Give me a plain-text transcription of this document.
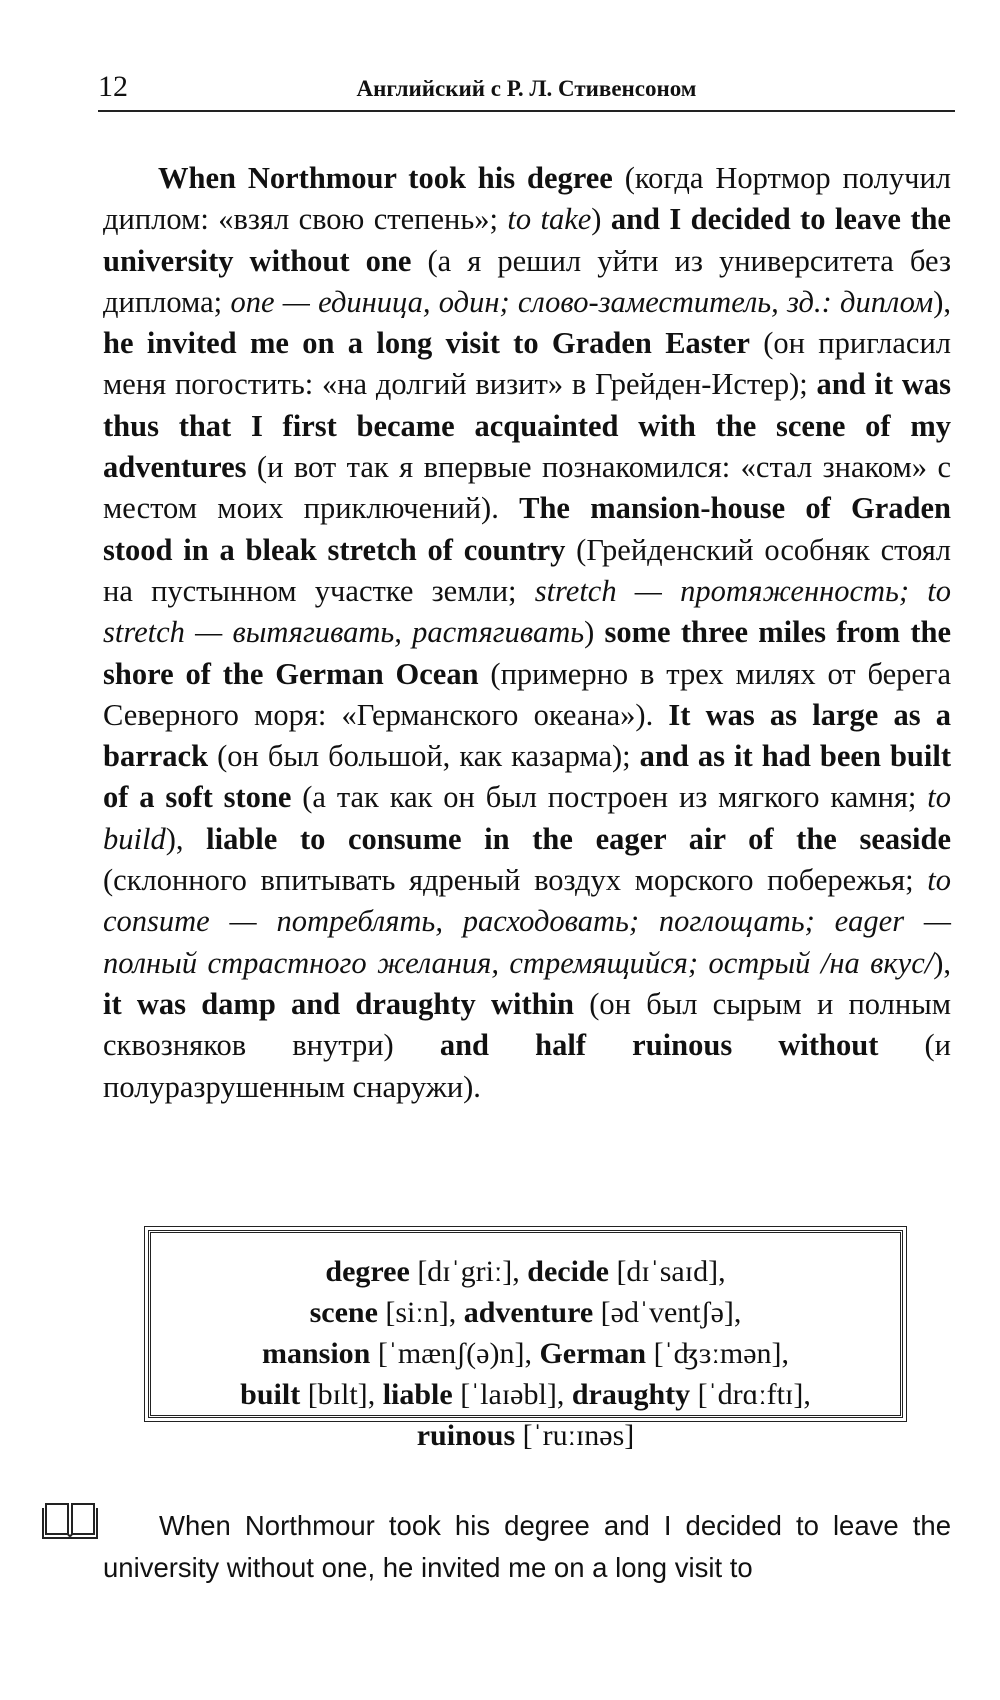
12	Английский с Р. Л. Стивенсоном

When Northmour took his degree (когда Нортмор получил диплом: «взял свою степень»; to take) and I decided to leave the university without one (а я решил уйти из университета без диплома; one — единица, один; слово-заместитель, зд.: диплом), he invited me on a long visit to Graden Easter (он пригласил меня погостить: «на долгий визит» в Грейден-Истер); and it was thus that I first became acquainted with the scene of my adventures (и вот так я впервые познакомился: «стал знаком» с местом моих приключений). The mansion-house of Graden stood in a bleak stretch of country (Грейденский особняк стоял на пустынном участке земли; stretch — протяженность; to stretch — вытягивать, растягивать) some three miles from the shore of the German Ocean (примерно в трех милях от берега Северного моря: «Германского океана»). It was as large as a barrack (он был большой, как казарма); and as it had been built of a soft stone (а так как он был построен из мягкого камня; to build), liable to consume in the eager air of the seaside (склонного впитывать ядреный воздух морского побережья; to consume — потреблять, расходовать; поглощать; eager — полный страстного желания, стремящийся; острый /на вкус/), it was damp and draughty within (он был сырым и полным сквозняков внутри) and half ruinous without (и полуразрушенным снаружи).

degree [dɪˈgriː], decide [dɪˈsaɪd],
scene [siːn], adventure [ədˈventʃə],
mansion [ˈmænʃ(ə)n], German [ˈʤɜːmən],
built [bɪlt], liable [ˈlaɪəbl], draughty [ˈdrɑːftɪ],
ruinous [ˈruːɪnəs]

When Northmour took his degree and I decided to leave the university without one, he invited me on a long visit to
